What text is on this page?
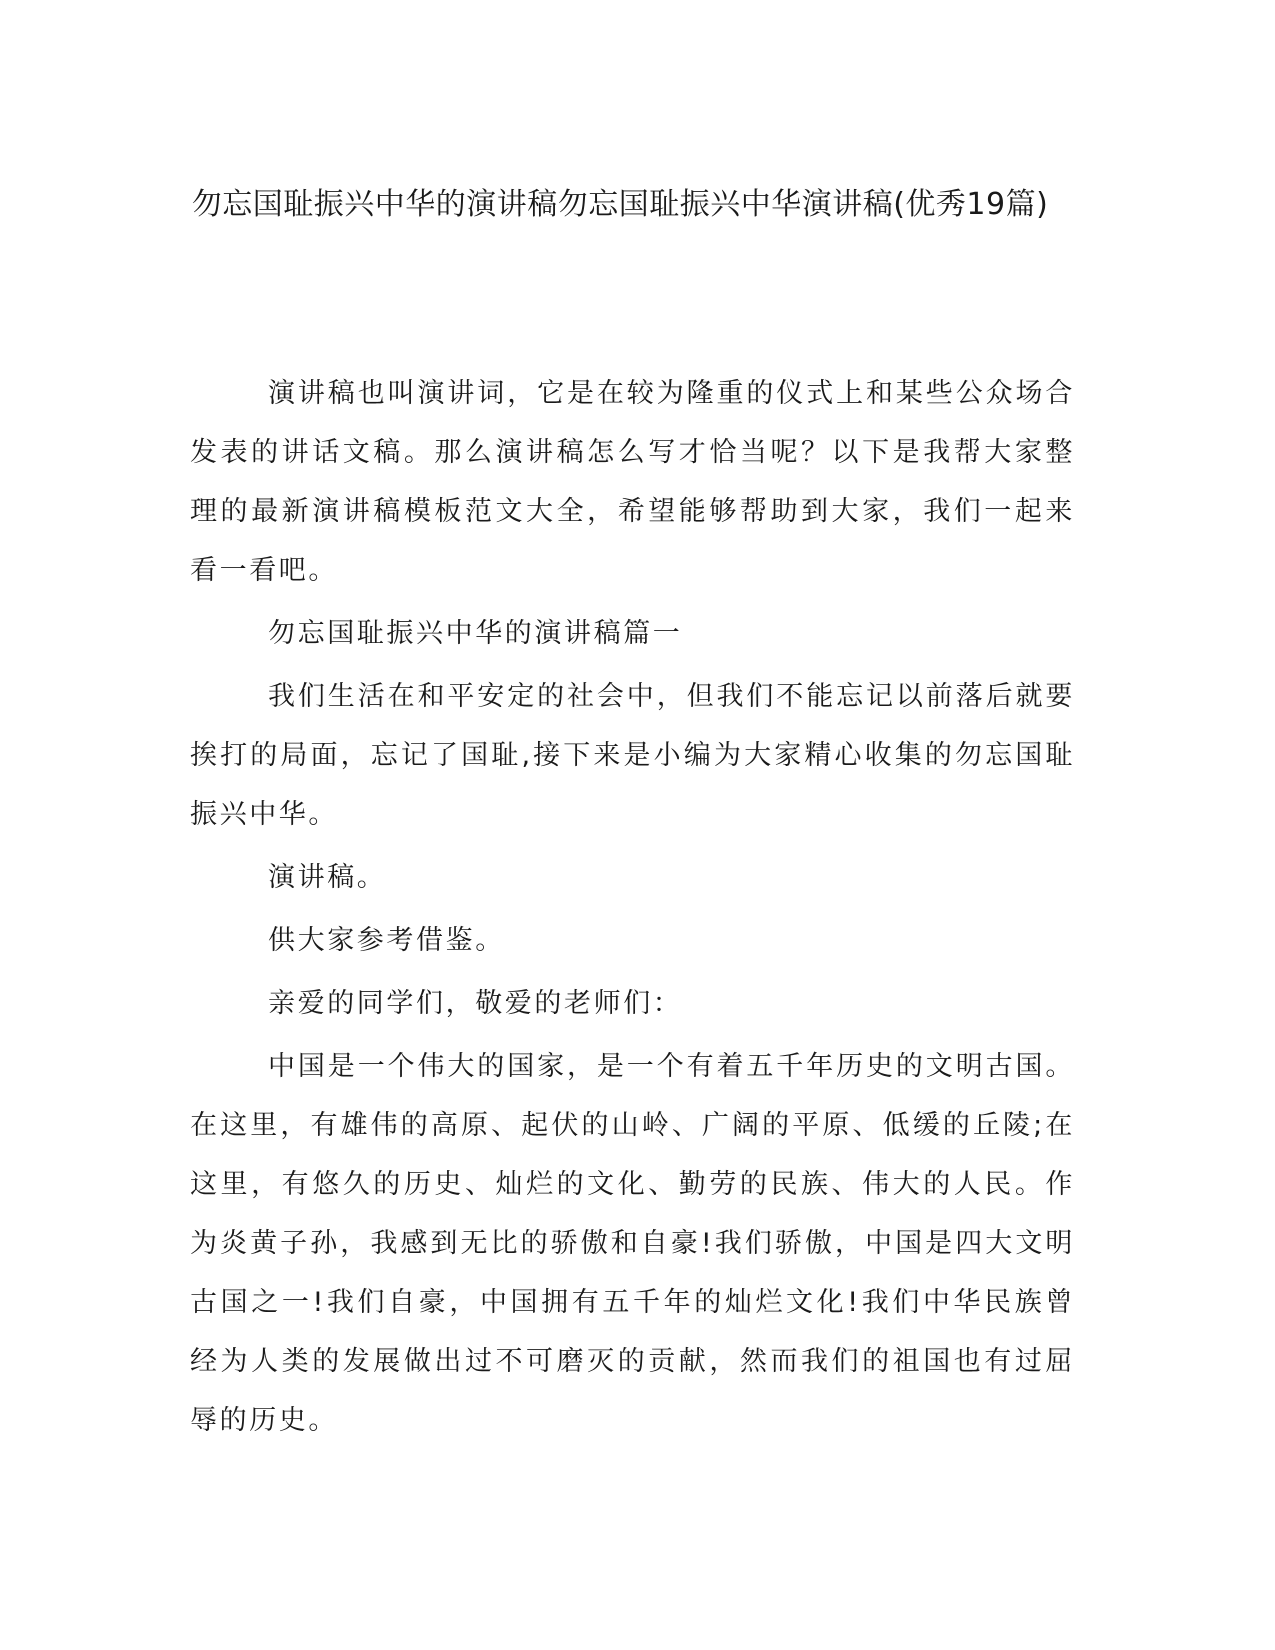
勿忘国耻振兴中华的演讲稿勿忘国耻振兴中华演讲稿(优秀19篇)

演讲稿也叫演讲词，它是在较为隆重的仪式上和某些公众场合发表的讲话文稿。那么演讲稿怎么写才恰当呢？以下是我帮大家整理的最新演讲稿模板范文大全，希望能够帮助到大家，我们一起来看一看吧。

勿忘国耻振兴中华的演讲稿篇一

我们生活在和平安定的社会中，但我们不能忘记以前落后就要挨打的局面，忘记了国耻,接下来是小编为大家精心收集的勿忘国耻振兴中华。

演讲稿。

供大家参考借鉴。

亲爱的同学们，敬爱的老师们：

中国是一个伟大的国家，是一个有着五千年历史的文明古国。在这里，有雄伟的高原、起伏的山岭、广阔的平原、低缓的丘陵;在这里，有悠久的历史、灿烂的文化、勤劳的民族、伟大的人民。作为炎黄子孙，我感到无比的骄傲和自豪!我们骄傲，中国是四大文明古国之一!我们自豪，中国拥有五千年的灿烂文化!我们中华民族曾经为人类的发展做出过不可磨灭的贡献，然而我们的祖国也有过屈辱的历史。
